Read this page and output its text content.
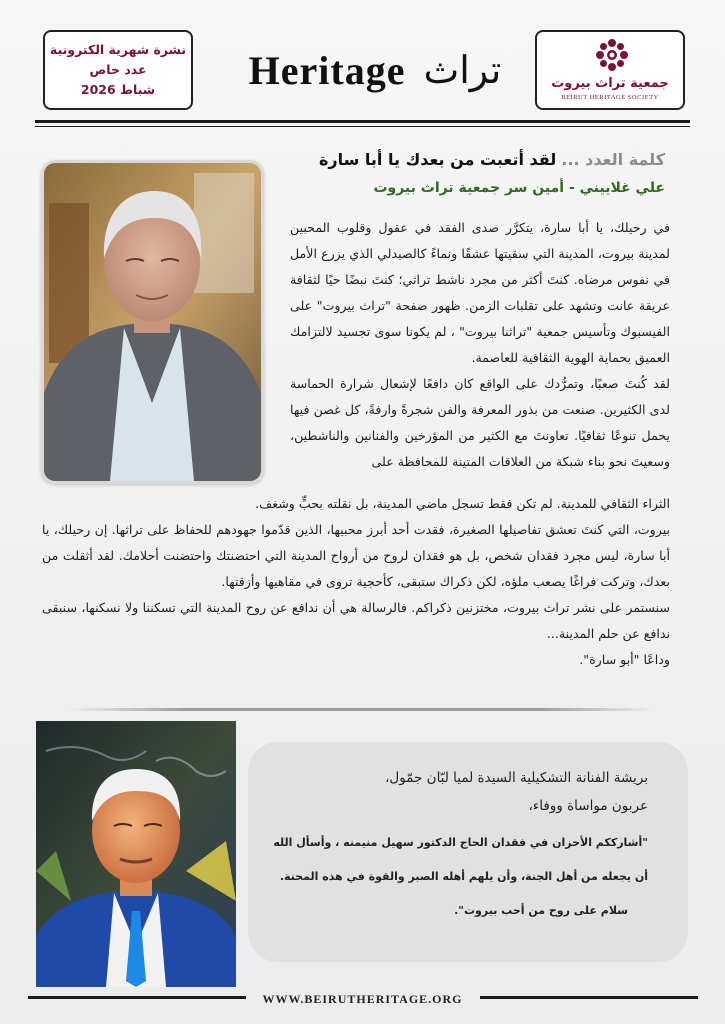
نشرة شهرية الكترونية
عدد خاص
شباط 2026	Heritage تراث	جمعية تراث بيروت
BEIRUT HERITAGE SOCIETY
كلمة العدد ... لقد أتعبت من بعدك يا أبا سارة
علي غلاييني - أمين سر جمعية تراث بيروت

في رحيلك، يا أبا سارة، يتكرَّر صدى الفقد في عقول وقلوب المحبين لمدينة بيروت، المدينة التي سقيتها عشقًا ونماءً كالصيدلي الذي يزرع الأمل في نفوس مرضاه. كنتَ أكثر من مجرد ناشط تراثي؛ كنتَ نبضًا حيًا لثقافة عريقة عانت وتشهد على تقلبات الزمن. ظهور صفحة "تراث بيروت" على الفيسبوك وتأسيس جمعية "تراثنا بيروت" ، لم يكونا سوى تجسيد لالتزامك العميق بحماية الهوية الثقافية للعاصمة.

لقد كُنتَ صعبًا، وتمرُّدك على الواقع كان دافعًا لإشعال شرارة الحماسة لدى الكثيرين. صنعت من بذور المعرفة والفن شجرةً وارفةً، كل غصن فيها يحمل تنوعًا ثقافيًا. تعاونتَ مع الكثير من المؤرخين والفنانين والناشطين، وسعيتَ نحو بناء شبكة من العلاقات المتينة للمحافظة على

الثراء الثقافي للمدينة. لم تكن فقط تسجل ماضي المدينة، بل نقلته بحبٍّ وشغف.

بيروت، التي كنتَ تعشق تفاصيلها الصغيرة، فقدت أحد أبرز محبيها، الذين قدّموا جهودهم للحفاظ على تراثها. إن رحيلك، يا أبا سارة، ليس مجرد فقدان شخص، بل هو فقدان لروح من أرواح المدينة التي احتضنتك واحتضنت أحلامك. لقد أثقلت من بعدك، وتركت فراغًا يصعب ملؤه، لكن ذكراك ستبقى، كأحجية تروى في مقاهيها وأزقتها.

سنستمر على نشر تراث بيروت، مختزنين ذكراكم. فالرسالة هي أن ندافع عن روح المدينة التي تسكننا ولا نسكنها، سنبقى ندافع عن حلم المدينة...

وداعًا "أبو سارة".

بريشة الفنانة التشكيلية السيدة لميا لبّان جمّول،

عربون مواساة ووفاء،

"أشارككم الأحزان في فقدان الحاج الدكتور سهيل منيمنه ، وأسأل الله أن يجعله من أهل الجنة، وأن يلهم أهله الصبر والقوة في هذه المحنة.

سلام على روح من أحب بيروت".

WWW.BEIRUTHERITAGE.ORG
